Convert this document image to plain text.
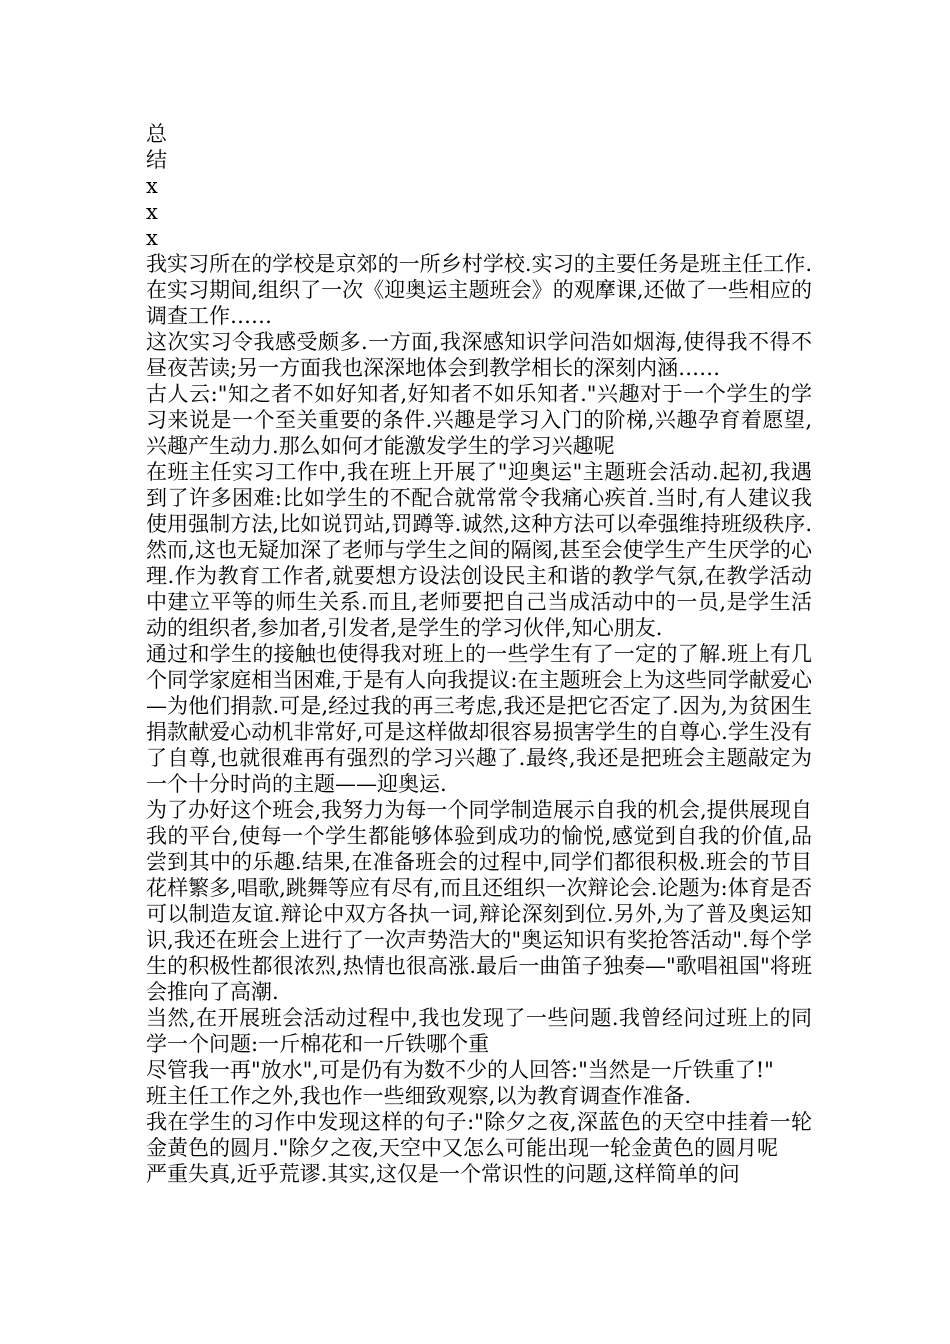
总
结
x
x
x

我实习所在的学校是京郊的一所乡村学校.实习的主要任务是班主任工作.在实习期间,组织了一次《迎奥运主题班会》的观摩课,还做了一些相应的调查工作……

这次实习令我感受颇多.一方面,我深感知识学问浩如烟海,使得我不得不昼夜苦读;另一方面我也深深地体会到教学相长的深刻内涵……

古人云:"知之者不如好知者,好知者不如乐知者."兴趣对于一个学生的学习来说是一个至关重要的条件.兴趣是学习入门的阶梯,兴趣孕育着愿望,兴趣产生动力.那么如何才能激发学生的学习兴趣呢

在班主任实习工作中,我在班上开展了"迎奥运"主题班会活动.起初,我遇到了许多困难:比如学生的不配合就常常令我痛心疾首.当时,有人建议我使用强制方法,比如说罚站,罚蹲等.诚然,这种方法可以牵强维持班级秩序.然而,这也无疑加深了老师与学生之间的隔阂,甚至会使学生产生厌学的心理.作为教育工作者,就要想方设法创设民主和谐的教学气氛,在教学活动中建立平等的师生关系.而且,老师要把自己当成活动中的一员,是学生活动的组织者,参加者,引发者,是学生的学习伙伴,知心朋友.

通过和学生的接触也使得我对班上的一些学生有了一定的了解.班上有几个同学家庭相当困难,于是有人向我提议:在主题班会上为这些同学献爱心—为他们捐款.可是,经过我的再三考虑,我还是把它否定了.因为,为贫困生捐款献爱心动机非常好,可是这样做却很容易损害学生的自尊心.学生没有了自尊,也就很难再有强烈的学习兴趣了.最终,我还是把班会主题敲定为一个十分时尚的主题——迎奥运.

为了办好这个班会,我努力为每一个同学制造展示自我的机会,提供展现自我的平台,使每一个学生都能够体验到成功的愉悦,感觉到自我的价值,品尝到其中的乐趣.结果,在准备班会的过程中,同学们都很积极.班会的节目花样繁多,唱歌,跳舞等应有尽有,而且还组织一次辩论会.论题为:体育是否可以制造友谊.辩论中双方各执一词,辩论深刻到位.另外,为了普及奥运知识,我还在班会上进行了一次声势浩大的"奥运知识有奖抢答活动".每个学生的积极性都很浓烈,热情也很高涨.最后一曲笛子独奏—"歌唱祖国"将班会推向了高潮.

当然,在开展班会活动过程中,我也发现了一些问题.我曾经问过班上的同学一个问题:一斤棉花和一斤铁哪个重

尽管我一再"放水",可是仍有为数不少的人回答:"当然是一斤铁重了!"

班主任工作之外,我也作一些细致观察,以为教育调查作准备.

我在学生的习作中发现这样的句子:"除夕之夜,深蓝色的天空中挂着一轮金黄色的圆月."除夕之夜,天空中又怎么可能出现一轮金黄色的圆月呢

严重失真,近乎荒谬.其实,这仅是一个常识性的问题,这样简单的问
